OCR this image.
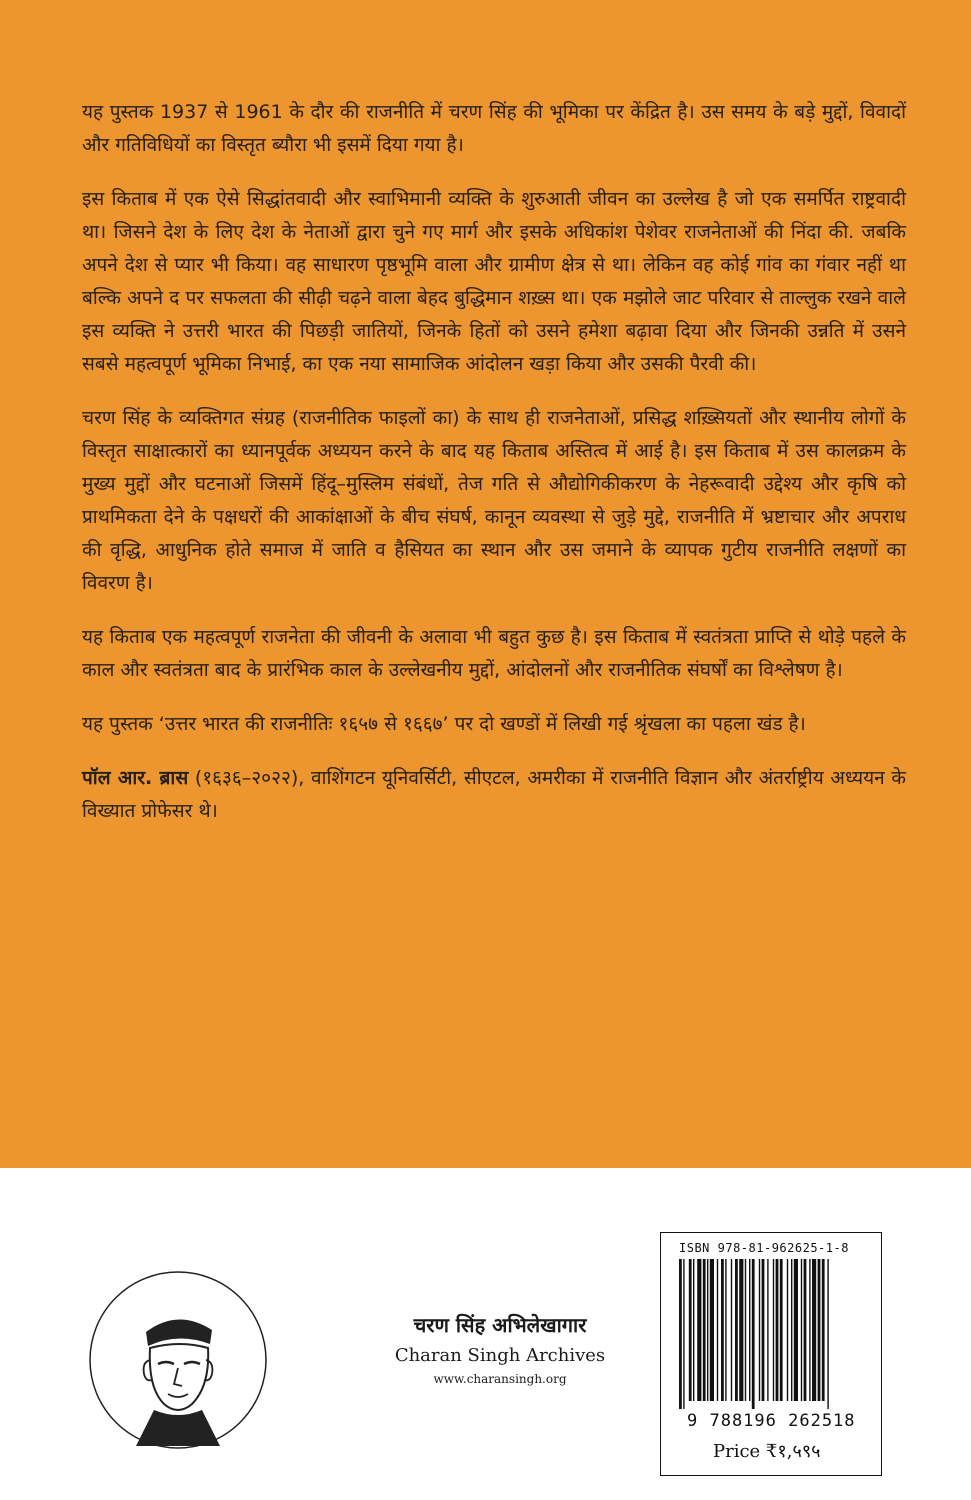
यह पुस्तक 1937 से 1961 के दौर की राजनीति में चरण सिंह की भूमिका पर केंद्रित है। उस समय के बड़े मुद्दों, विवादों और गतिविधियों का विस्तृत ब्यौरा भी इसमें दिया गया है।

इस किताब में एक ऐसे सिद्धांतवादी और स्वाभिमानी व्यक्ति के शुरुआती जीवन का उल्लेख है जो एक समर्पित राष्ट्रवादी था। जिसने देश के लिए देश के नेताओं द्वारा चुने गए मार्ग और इसके अधिकांश पेशेवर राजनेताओं की निंदा की. जबकि अपने देश से प्यार भी किया। वह साधारण पृष्ठभूमि वाला और ग्रामीण क्षेत्र से था। लेकिन वह कोई गांव का गंवार नहीं था बल्कि अपने द पर सफलता की सीढ़ी चढ़ने वाला बेहद बुद्धिमान शख़्स था। एक मझोले जाट परिवार से ताल्लुक रखने वाले इस व्यक्ति ने उत्तरी भारत की पिछड़ी जातियों, जिनके हितों को उसने हमेशा बढ़ावा दिया और जिनकी उन्नति में उसने सबसे महत्वपूर्ण भूमिका निभाई, का एक नया सामाजिक आंदोलन खड़ा किया और उसकी पैरवी की।

चरण सिंह के व्यक्तिगत संग्रह (राजनीतिक फाइलों का) के साथ ही राजनेताओं, प्रसिद्ध शख़्सियतों और स्थानीय लोगों के विस्तृत साक्षात्कारों का ध्यानपूर्वक अध्ययन करने के बाद यह किताब अस्तित्व में आई है। इस किताब में उस कालक्रम के मुख्य मुद्दों और घटनाओं जिसमें हिंदू–मुस्लिम संबंधों, तेज गति से औद्योगिकीकरण के नेहरूवादी उद्देश्य और कृषि को प्राथमिकता देने के पक्षधरों की आकांक्षाओं के बीच संघर्ष, कानून व्यवस्था से जुड़े मुद्दे, राजनीति में भ्रष्टाचार और अपराध की वृद्धि, आधुनिक होते समाज में जाति व हैसियत का स्थान और उस जमाने के व्यापक गुटीय राजनीति लक्षणों का विवरण है।

यह किताब एक महत्वपूर्ण राजनेता की जीवनी के अलावा भी बहुत कुछ है। इस किताब में स्वतंत्रता प्राप्ति से थोड़े पहले के काल और स्वतंत्रता बाद के प्रारंभिक काल के उल्लेखनीय मुद्दों, आंदोलनों और राजनीतिक संघर्षों का विश्लेषण है।

यह पुस्तक ‘उत्तर भारत की राजनीतिः १६५७ से १६६७’ पर दो खण्डों में लिखी गई श्रृंखला का पहला खंड है।

पॉल आर. ब्रास (१६३६–२०२२), वाशिंगटन यूनिवर्सिटी, सीएटल, अमरीका में राजनीति विज्ञान और अंतर्राष्ट्रीय अध्ययन के विख्यात प्रोफेसर थे।

चरण सिंह अभिलेखागार
Charan Singh Archives
www.charansingh.org
ISBN 978-81-962625-1-8
9 788196 262518
Price ₹१,५९५
